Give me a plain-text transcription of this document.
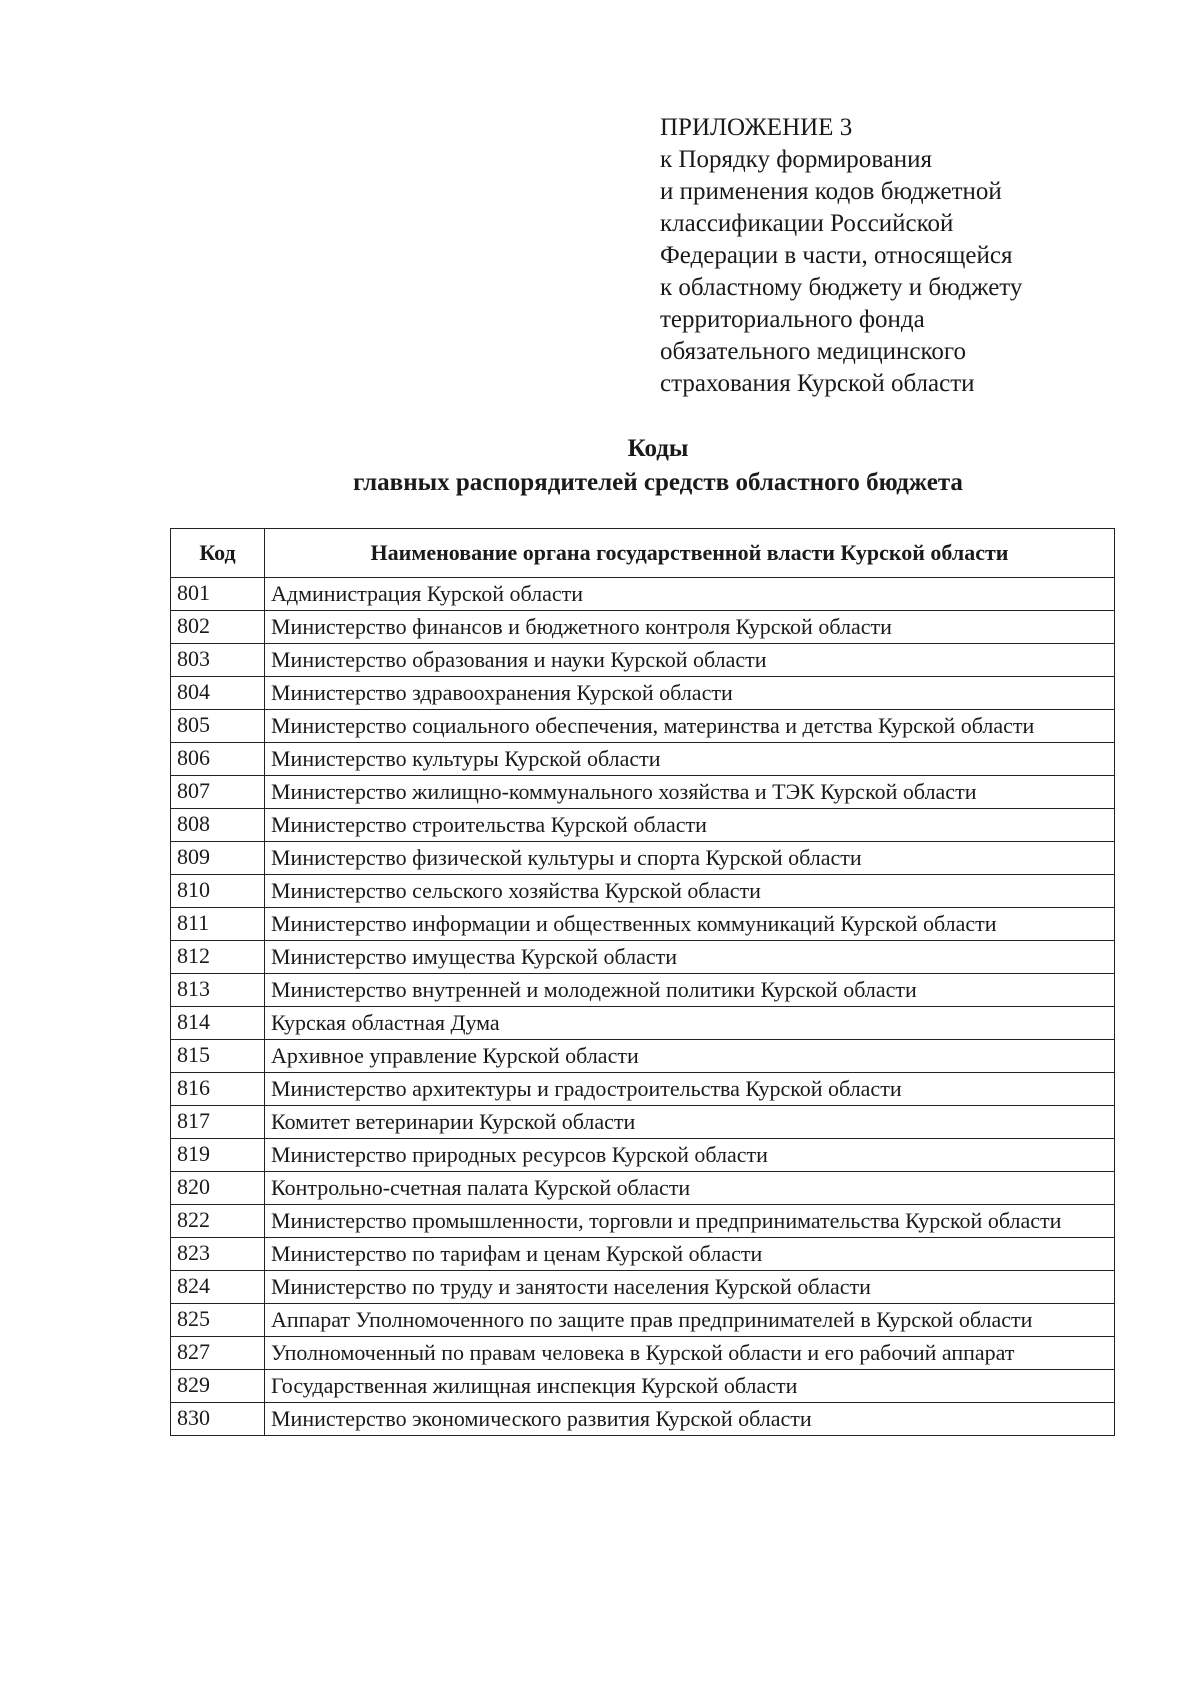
ПРИЛОЖЕНИЕ 3
к Порядку формирования
и применения кодов бюджетной
классификации Российской
Федерации в части, относящейся
к областному бюджету и бюджету
территориального фонда
обязательного медицинского
страхования Курской области
Коды
главных распорядителей средств областного бюджета
Код	Наименование органа государственной власти Курской области
801	Администрация Курской области
802	Министерство финансов и бюджетного контроля Курской области
803	Министерство образования и науки Курской области
804	Министерство здравоохранения Курской области
805	Министерство социального обеспечения, материнства и детства Курской области
806	Министерство культуры Курской области
807	Министерство жилищно-коммунального хозяйства и ТЭК Курской области
808	Министерство строительства Курской области
809	Министерство физической культуры и спорта Курской области
810	Министерство сельского хозяйства Курской области
811	Министерство информации и общественных коммуникаций Курской области
812	Министерство имущества Курской области
813	Министерство внутренней и молодежной политики Курской области
814	Курская областная Дума
815	Архивное управление Курской области
816	Министерство архитектуры и градостроительства Курской области
817	Комитет ветеринарии Курской области
819	Министерство природных ресурсов Курской области
820	Контрольно-счетная палата Курской области
822	Министерство промышленности, торговли и предпринимательства Курской области
823	Министерство по тарифам и ценам Курской области
824	Министерство по труду и занятости населения Курской области
825	Аппарат Уполномоченного по защите прав предпринимателей в Курской области
827	Уполномоченный по правам человека в Курской области и его рабочий аппарат
829	Государственная жилищная инспекция Курской области
830	Министерство экономического развития Курской области
